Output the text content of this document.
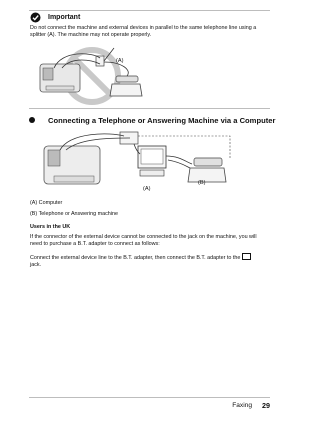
Important
Do not connect the machine and external devices in parallel to the same telephone line using a splitter (A). The machine may not operate properly.
(A)
Connecting a Telephone or Answering Machine via a Computer
(A)
(B)
(A) Computer
(B) Telephone or Answering machine
Users in the UK
If the connector of the external device cannot be connected to the jack on the machine, you will need to purchase a B.T. adapter to connect as follows:
Connect the external device line to the B.T. adapter, then connect the B.T. adapter to the
jack.
Faxing 29
